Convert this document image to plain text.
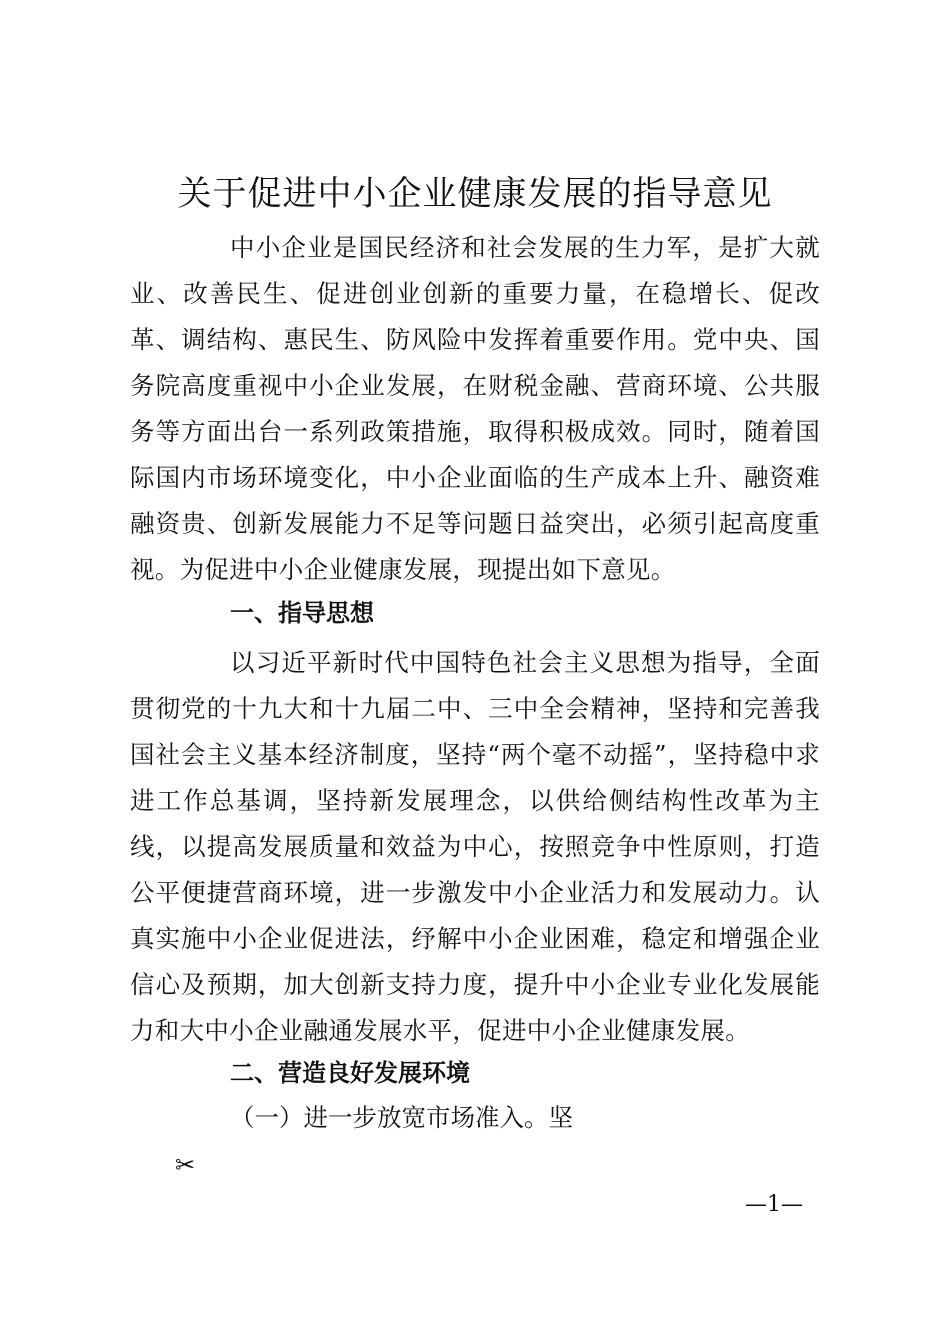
关于促进中小企业健康发展的指导意见

中小企业是国民经济和社会发展的生力军，是扩大就业、改善民生、促进创业创新的重要力量，在稳增长、促改革、调结构、惠民生、防风险中发挥着重要作用。党中央、国务院高度重视中小企业发展，在财税金融、营商环境、公共服务等方面出台一系列政策措施，取得积极成效。同时，随着国际国内市场环境变化，中小企业面临的生产成本上升、融资难融资贵、创新发展能力不足等问题日益突出，必须引起高度重视。为促进中小企业健康发展，现提出如下意见。

一、指导思想

以习近平新时代中国特色社会主义思想为指导，全面贯彻党的十九大和十九届二中、三中全会精神，坚持和完善我国社会主义基本经济制度，坚持“两个毫不动摇”，坚持稳中求进工作总基调，坚持新发展理念，以供给侧结构性改革为主线，以提高发展质量和效益为中心，按照竞争中性原则，打造公平便捷营商环境，进一步激发中小企业活力和发展动力。认真实施中小企业促进法，纾解中小企业困难，稳定和增强企业信心及预期，加大创新支持力度，提升中小企业专业化发展能力和大中小企业融通发展水平，促进中小企业健康发展。

二、营造良好发展环境

（一）进一步放宽市场准入。坚

✂
—1—
